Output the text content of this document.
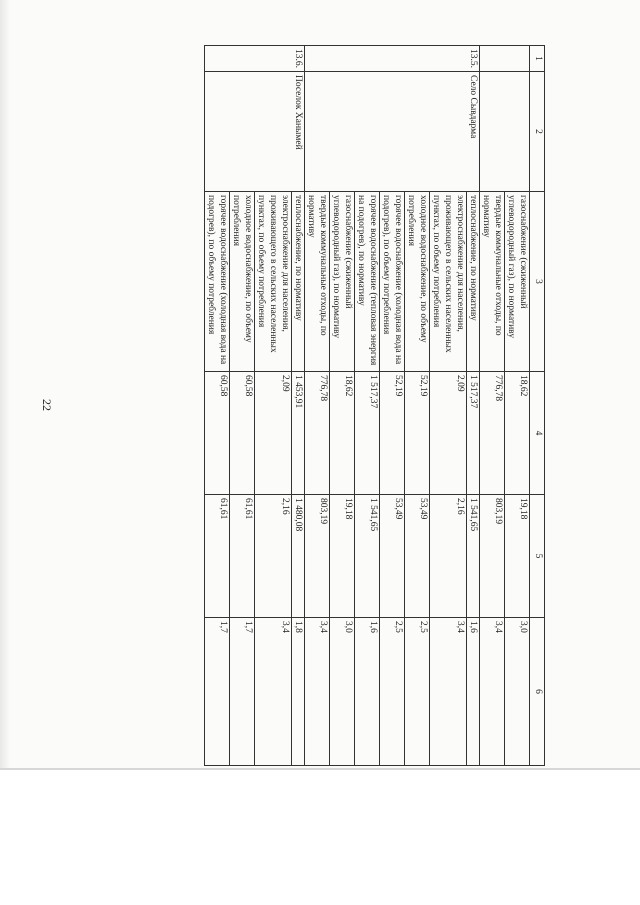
1	2	3	4	5	6
		газоснабжение (сжиженный углеводородный газ), по нормативу	18,62	19,18	3,0
		твердые коммунальные отходы, по нормативу	776,78	803,19	3,4
13.5.	Село Сывдарма	теплоснабжение, по нормативу	1 517,37	1 541,65	1,6
		электроснабжение для населения, проживающего в сельских населенных пунктах, по объему потребления	2,09	2,16	3,4
		холодное водоснабжение, по объему потребления	52,19	53,49	2,5
		горячее водоснабжение (холодная вода на подогрев), по объему потребления	52,19	53,49	2,5
		горячее водоснабжение (тепловая энергия на подогрев), по нормативу	1 517,37	1 541,65	1,6
		газоснабжение (сжиженный углеводородный газ), по нормативу	18,62	19,18	3,0
		твердые коммунальные отходы, по нормативу	776,78	803,19	3,4
13.6.	Поселок Ханымей	теплоснабжение, по нормативу	1 453,91	1 480,08	1,8
		электроснабжение для населения, проживающего в сельских населенных пунктах, по объему потребления	2,09	2,16	3,4
		холодное водоснабжение, по объему потребления	60,58	61,61	1,7
		горячее водоснабжение (холодная вода на подогрев), по объему потребления	60,58	61,61	1,7
22
